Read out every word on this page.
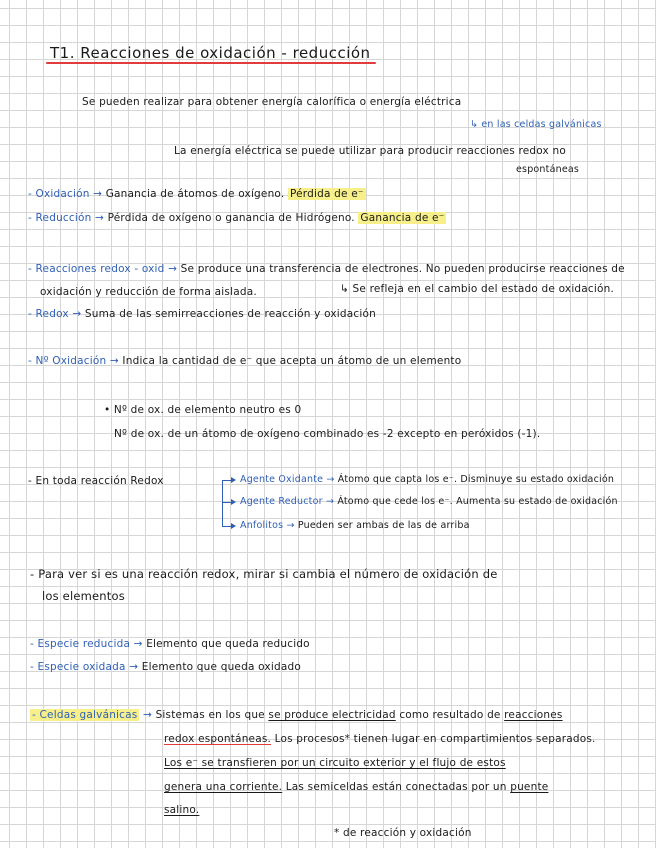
T1. Reacciones de oxidación - reducción
Se pueden realizar para obtener energía calorífica o energía eléctrica
↳ en las celdas galvánicas
La energía eléctrica se puede utilizar para producir reacciones redox no
espontáneas
- Oxidación → Ganancia de átomos de oxígeno. Pérdida de e⁻
- Reducción → Pérdida de oxígeno o ganancia de Hidrógeno. Ganancia de e⁻
- Reacciones redox - oxid → Se produce una transferencia de electrones. No pueden producirse reacciones de
oxidación y reducción de forma aislada.	↳ Se refleja en el cambio del estado de oxidación.
- Redox → Suma de las semirreacciones de reacción y oxidación
- Nº Oxidación → Indica la cantidad de e⁻ que acepta un átomo de un elemento
• Nº de ox. de elemento neutro es 0
Nº de ox. de un átomo de oxígeno combinado es -2 excepto en peróxidos (-1).
- En toda reacción Redox	Agente Oxidante → Átomo que capta los e⁻. Disminuye su estado oxidación
Agente Reductor → Átomo que cede los e⁻. Aumenta su estado de oxidación
Anfolitos → Pueden ser ambas de las de arriba
- Para ver si es una reacción redox, mirar si cambia el número de oxidación de
los elementos
- Especie reducida → Elemento que queda reducido
- Especie oxidada → Elemento que queda oxidado
- Celdas galvánicas → Sistemas en los que se produce electricidad como resultado de reacciones
redox espontáneas. Los procesos* tienen lugar en compartimientos separados.
Los e⁻ se transfieren por un circuito exterior y el flujo de estos
genera una corriente. Las semiceldas están conectadas por un puente
salino.
* de reacción y oxidación
